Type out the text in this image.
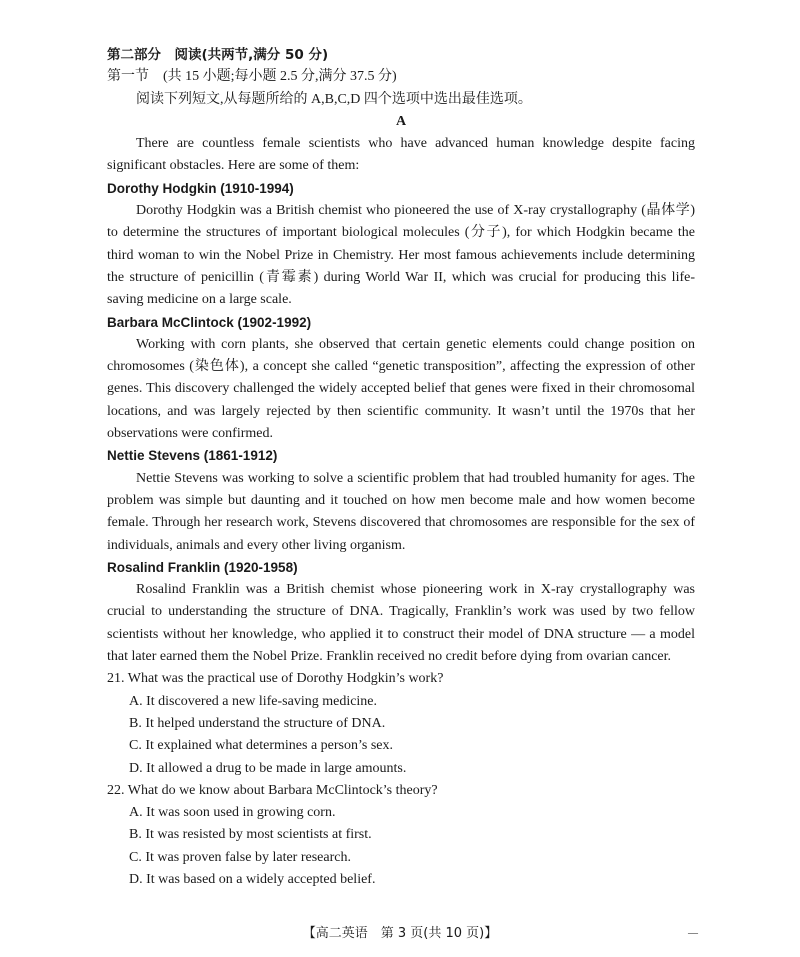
第二部分　阅读(共两节,满分 50 分)
第一节　(共 15 小题;每小题 2.5 分,满分 37.5 分)
阅读下列短文,从每题所给的 A,B,C,D 四个选项中选出最佳选项。
A
There are countless female scientists who have advanced human knowledge despite facing significant obstacles. Here are some of them:
Dorothy Hodgkin (1910-1994)
Dorothy Hodgkin was a British chemist who pioneered the use of X-ray crystallography (晶体学) to determine the structures of important biological molecules (分子), for which Hodgkin became the third woman to win the Nobel Prize in Chemistry. Her most famous achievements include determining the structure of penicillin (青霉素) during World War II, which was crucial for producing this life-saving medicine on a large scale.
Barbara McClintock (1902-1992)
Working with corn plants, she observed that certain genetic elements could change position on chromosomes (染色体), a concept she called “genetic transposition”, affecting the expression of other genes. This discovery challenged the widely accepted belief that genes were fixed in their chromosomal locations, and was largely rejected by then scientific community. It wasn’t until the 1970s that her observations were confirmed.
Nettie Stevens (1861-1912)
Nettie Stevens was working to solve a scientific problem that had troubled humanity for ages. The problem was simple but daunting and it touched on how men become male and how women become female. Through her research work, Stevens discovered that chromosomes are responsible for the sex of individuals, animals and every other living organism.
Rosalind Franklin (1920-1958)
Rosalind Franklin was a British chemist whose pioneering work in X-ray crystallography was crucial to understanding the structure of DNA. Tragically, Franklin’s work was used by two fellow scientists without her knowledge, who applied it to construct their model of DNA structure — a model that later earned them the Nobel Prize. Franklin received no credit before dying from ovarian cancer.
21. What was the practical use of Dorothy Hodgkin’s work?
A. It discovered a new life-saving medicine.
B. It helped understand the structure of DNA.
C. It explained what determines a person’s sex.
D. It allowed a drug to be made in large amounts.
22. What do we know about Barbara McClintock’s theory?
A. It was soon used in growing corn.
B. It was resisted by most scientists at first.
C. It was proven false by later research.
D. It was based on a widely accepted belief.
【高二英语　第 3 页(共 10 页)】	—
